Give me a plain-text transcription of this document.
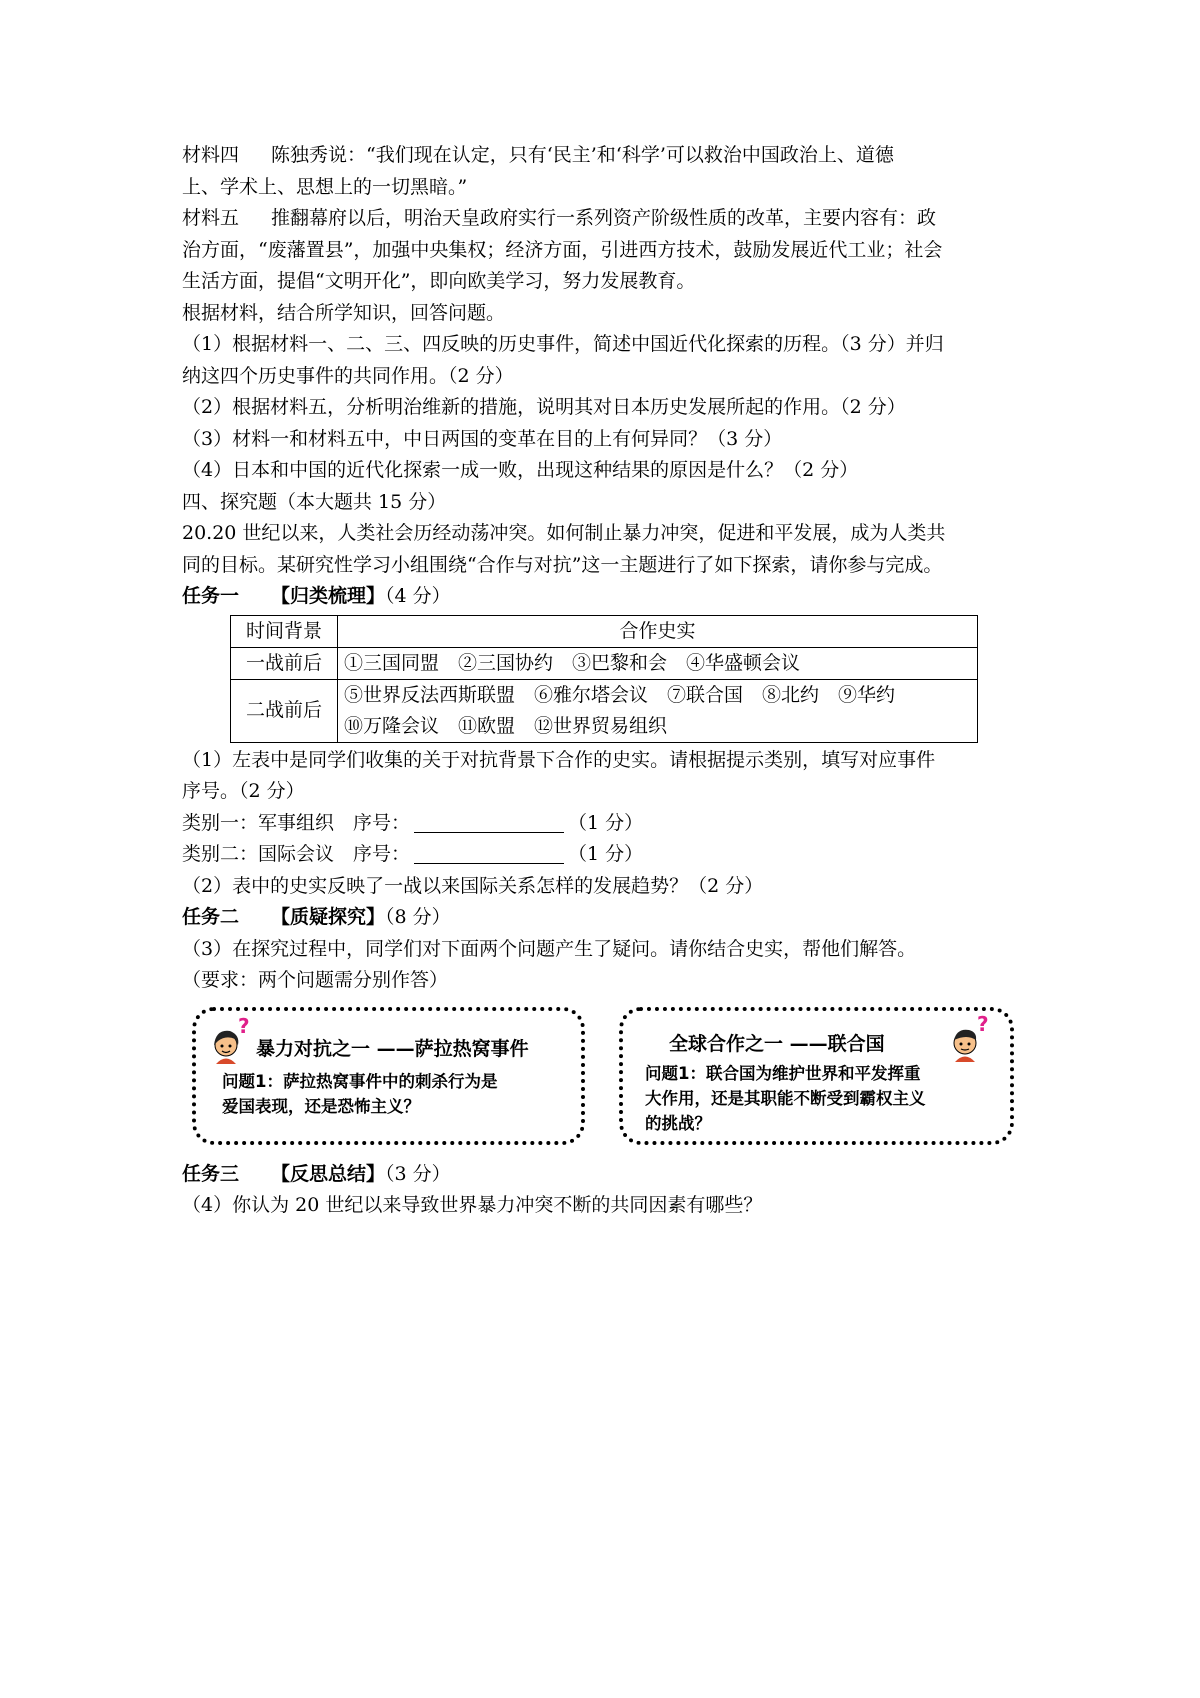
材料四 陈独秀说：“我们现在认定，只有‘民主’和‘科学’可以救治中国政治上、道德
上、学术上、思想上的一切黑暗。”
材料五 推翻幕府以后，明治天皇政府实行一系列资产阶级性质的改革，主要内容有：政
治方面，“废藩置县”，加强中央集权；经济方面，引进西方技术，鼓励发展近代工业；社会
生活方面，提倡“文明开化”，即向欧美学习，努力发展教育。
根据材料，结合所学知识，回答问题。
（1）根据材料一、二、三、四反映的历史事件，简述中国近代化探索的历程。（3 分）并归
纳这四个历史事件的共同作用。（2 分）
（2）根据材料五，分析明治维新的措施，说明其对日本历史发展所起的作用。（2 分）
（3）材料一和材料五中，中日两国的变革在目的上有何异同？（3 分）
（4）日本和中国的近代化探索一成一败，出现这种结果的原因是什么？（2 分）
四、探究题（本大题共 15 分）
20.20 世纪以来，人类社会历经动荡冲突。如何制止暴力冲突，促进和平发展，成为人类共
同的目标。某研究性学习小组围绕“合作与对抗”这一主题进行了如下探索，请你参与完成。
任务一 【归类梳理】（4 分）
时间背景	合作史实
一战前后	①三国同盟　②三国协约　③巴黎和会　④华盛顿会议
二战前后	⑤世界反法西斯联盟　⑥雅尔塔会议　⑦联合国　⑧北约　⑨华约
⑩万隆会议　⑪欧盟　⑫世界贸易组织
（1）左表中是同学们收集的关于对抗背景下合作的史实。请根据提示类别，填写对应事件
序号。（2 分）
类别一：军事组织　序号：	（1 分）
类别二：国际会议　序号：	（1 分）
（2）表中的史实反映了一战以来国际关系怎样的发展趋势？（2 分）
任务二 【质疑探究】（8 分）
（3）在探究过程中，同学们对下面两个问题产生了疑问。请你结合史实，帮他们解答。
（要求：两个问题需分别作答）
?
暴力对抗之一 ——萨拉热窝事件
问题1：萨拉热窝事件中的刺杀行为是
爱国表现，还是恐怖主义？
全球合作之一 ——联合国
?
问题1：联合国为维护世界和平发挥重
大作用，还是其职能不断受到霸权主义
的挑战？
任务三 【反思总结】（3 分）
（4）你认为 20 世纪以来导致世界暴力冲突不断的共同因素有哪些？
